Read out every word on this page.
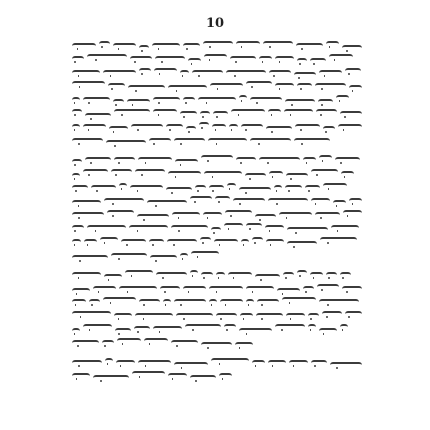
10
